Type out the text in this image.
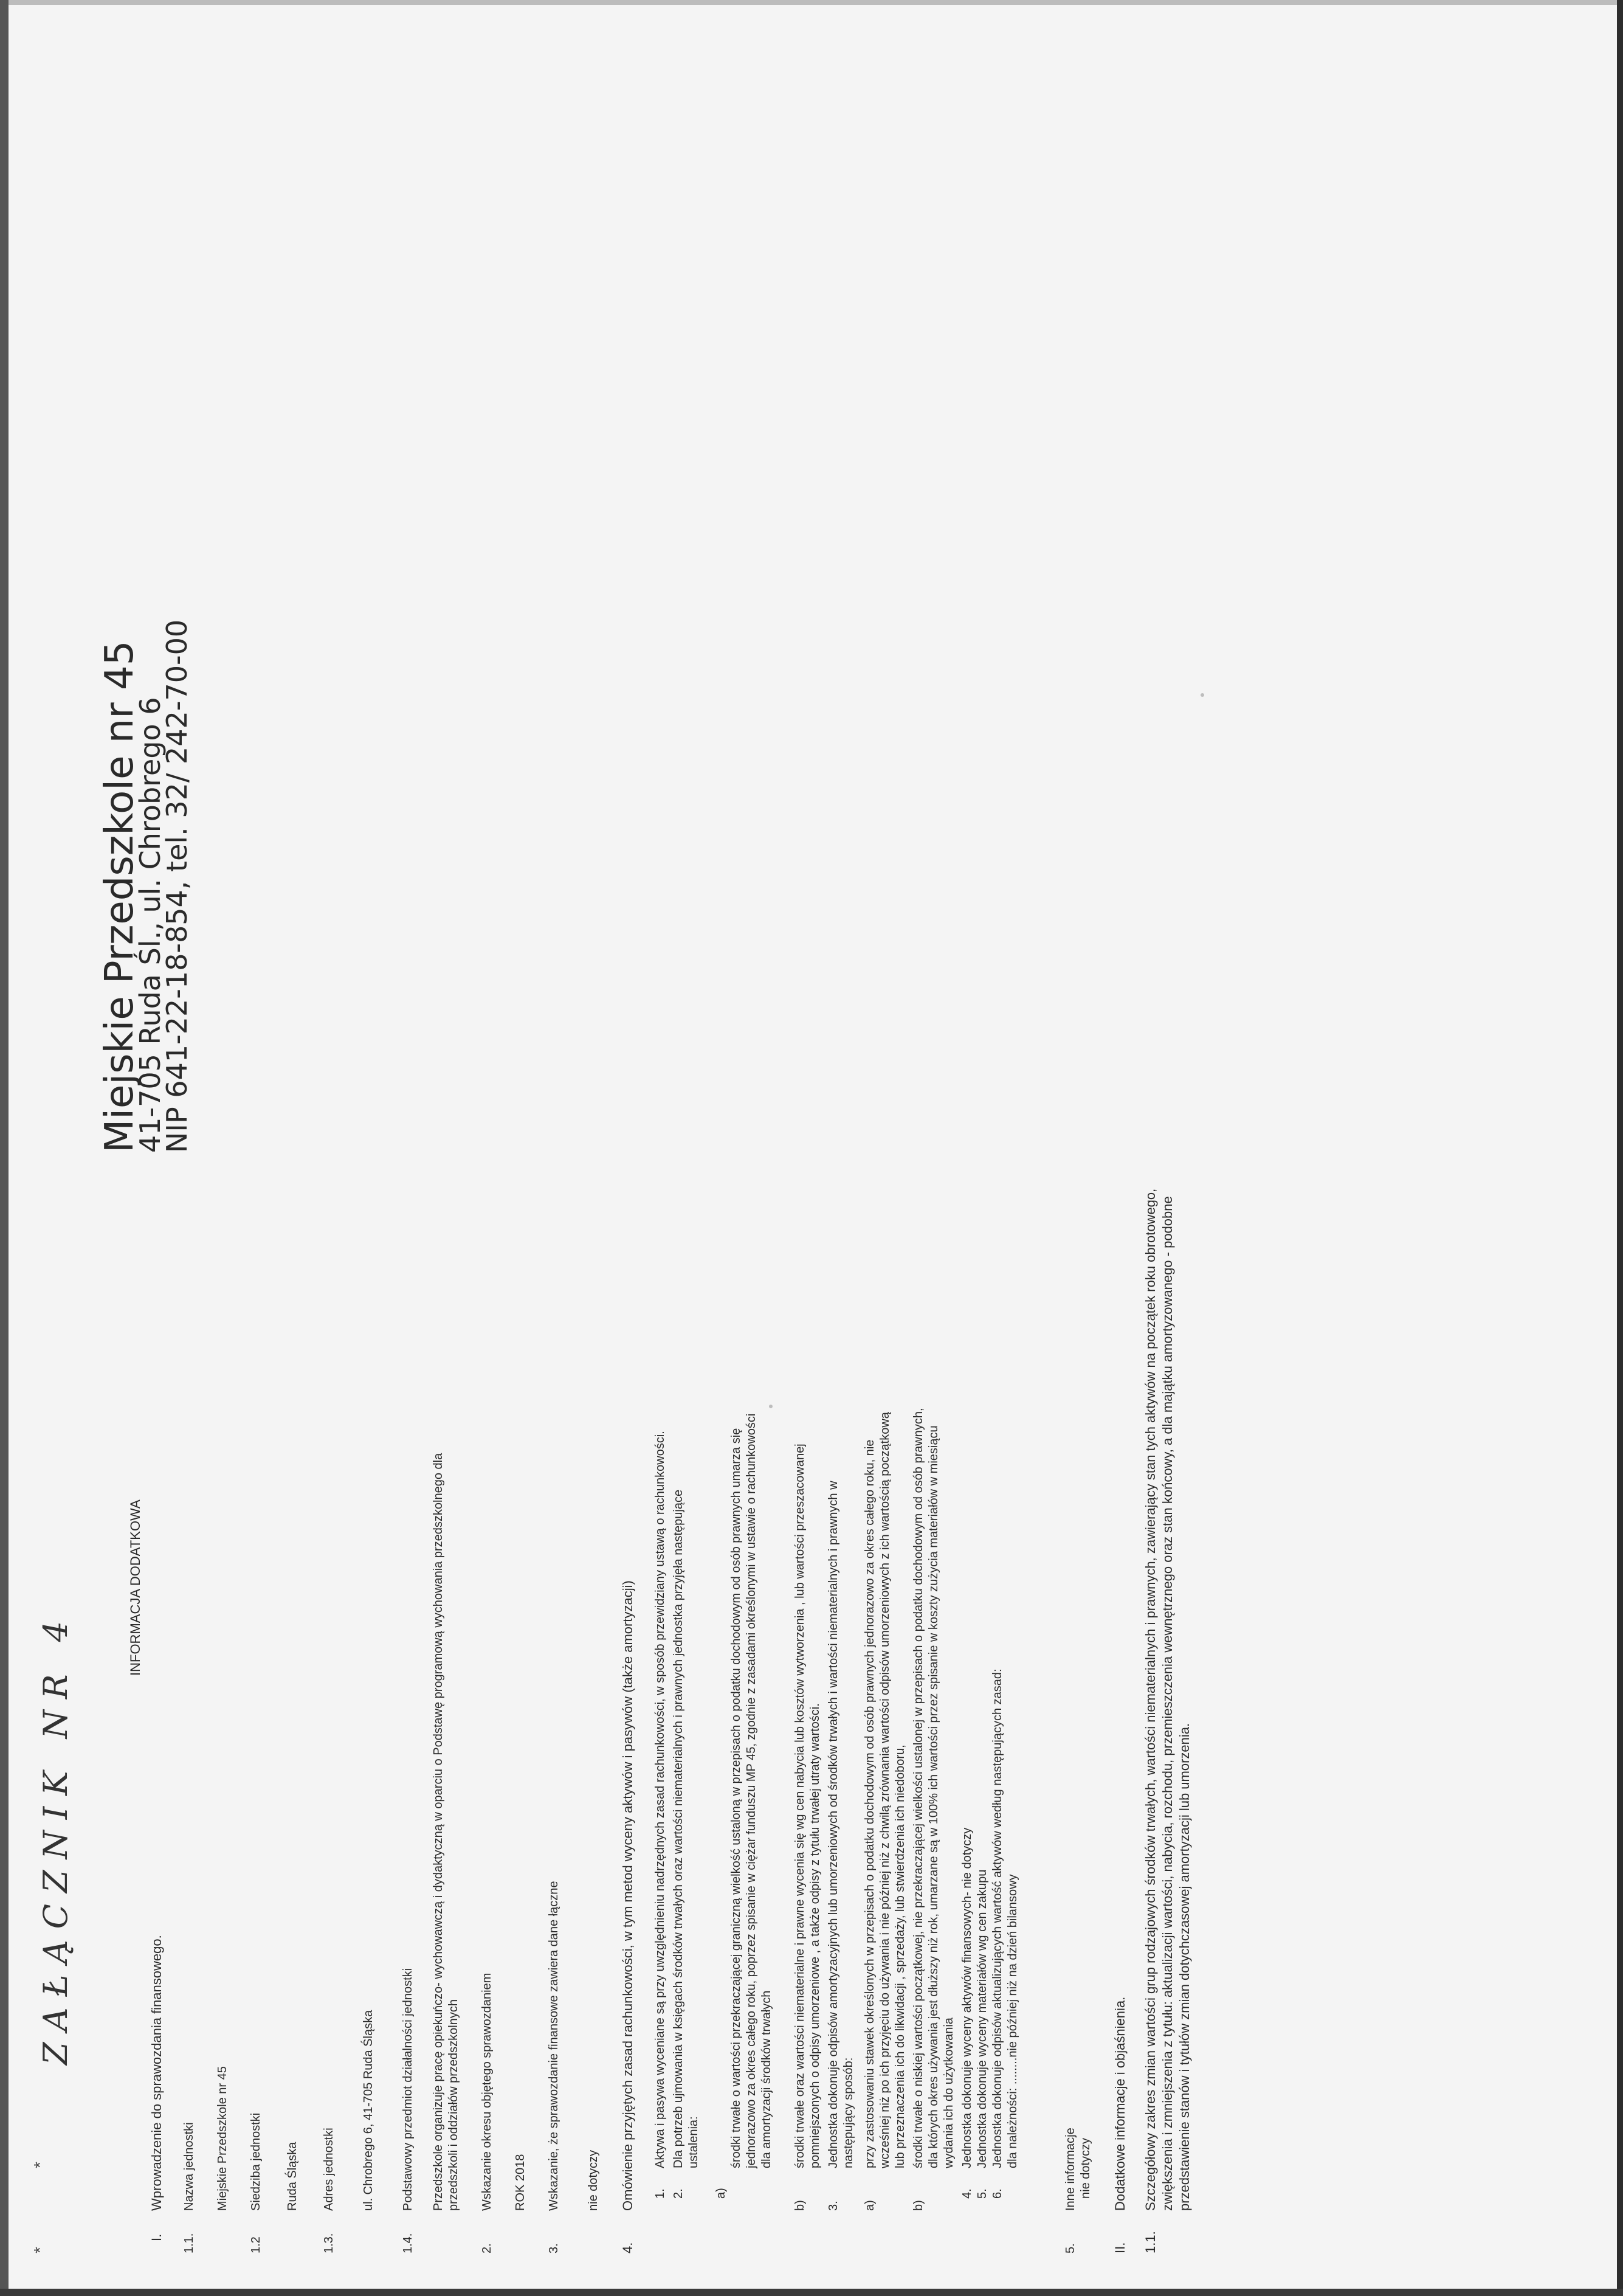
*
*
ZAŁĄCZNIK NR 4
INFORMACJA DODATKOWA
Miejskie Przedszkole nr 45
41-705 Ruda Śl., ul. Chrobrego 6
NIP 641-22-18-854, tel. 32/ 242-70-00
I.
Wprowadzenie do sprawozdania finansowego.
1.1.
Nazwa jednostki Miejskie Przedszkole nr 45
1.2
Siedziba jednostki Ruda Śląska
1.3.
Adres jednostki ul. Chrobrego 6, 41-705 Ruda Śląska
1.4.
Podstawowy przedmiot działalności jednostki Przedszkole organizuje pracę opiekuńczo- wychowawczą i dydaktyczną w oparciu o Podstawę programową wychowania przedszkolnego dla przedszkoli i oddziałów przedszkolnych
2.
Wskazanie okresu objętego sprawozdaniem ROK 2018
3.
Wskazanie, że sprawozdanie finansowe zawiera dane łączne nie dotyczy
4.
Omówienie przyjętych zasad rachunkowości, w tym metod wyceny aktywów i pasywów (także amortyzacji) 1.
Aktywa i pasywa wyceniane są przy uwzględnieniu nadrzędnych zasad rachunkowości, w sposób przewidziany ustawą o rachunkowości.
2.
Dla potrzeb ujmowania w księgach środków trwałych oraz wartości niematerialnych i prawnych jednostka przyjęła następujące ustalenia:
a)
środki trwałe o wartości przekraczającej graniczną wielkość ustaloną w przepisach o podatku dochodowym od osób prawnych umarza się jednorazowo za okres całego roku, poprzez spisanie w ciężar funduszu MP 45, zgodnie z zasadami określonymi w ustawie o rachunkowości dla amortyzacji środków trwałych
b)
środki trwałe oraz wartości niematerialne i prawne wycenia się wg cen nabycia lub kosztów wytworzenia , lub wartości przeszacowanej pomniejszonych o odpisy umorzeniowe , a także odpisy z tytułu trwałej utraty wartości.
3.
Jednostka dokonuje odpisów amortyzacyjnych lub umorzeniowych od środków trwałych i wartości niematerialnych i prawnych w następujący sposób:
a)
przy zastosowaniu stawek określonych w przepisach o podatku dochodowym od osób prawnych jednorazowo za okres całego roku, nie wcześniej niż po ich przyjęciu do używania i nie później niż z chwilą zrównania wartości odpisów umorzeniowych z ich wartością początkową lub przeznaczenia ich do likwidacji , sprzedaży, lub stwierdzenia ich niedoboru,
b)
środki trwałe o niskiej wartości początkowej, nie przekraczającej wielkości ustalonej w przepisach o podatku dochodowym od osób prawnych, dla których okres używania jest dłuższy niż rok, umarzane są w 100% ich wartości przez spisanie w koszty zużycia materiałów w miesiącu wydania ich do użytkowania
4.
Jednostka dokonuje wyceny aktywów finansowych- nie dotyczy
5.
Jednostka dokonuje wyceny materiałów wg cen zakupu
6.
Jednostka dokonuje odpisów aktualizujących wartość aktywów według następujących zasad: dla należności: ........nie później niż na dzień bilansowy
5.
Inne informacje nie dotyczy
II.
Dodatkowe informacje i objaśnienia.
1.1.
Szczegółowy zakres zmian wartości grup rodzajowych środków trwałych, wartości niematerialnych i prawnych, zawierający stan tych aktywów na początek roku obrotowego, zwiększenia i zmniejszenia z tytułu: aktualizacji wartości, nabycia, rozchodu, przemieszczenia wewnętrznego oraz stan końcowy, a dla majątku amortyzowanego - podobne przedstawienie stanów i tytułów zmian dotychczasowej amortyzacji lub umorzenia.
